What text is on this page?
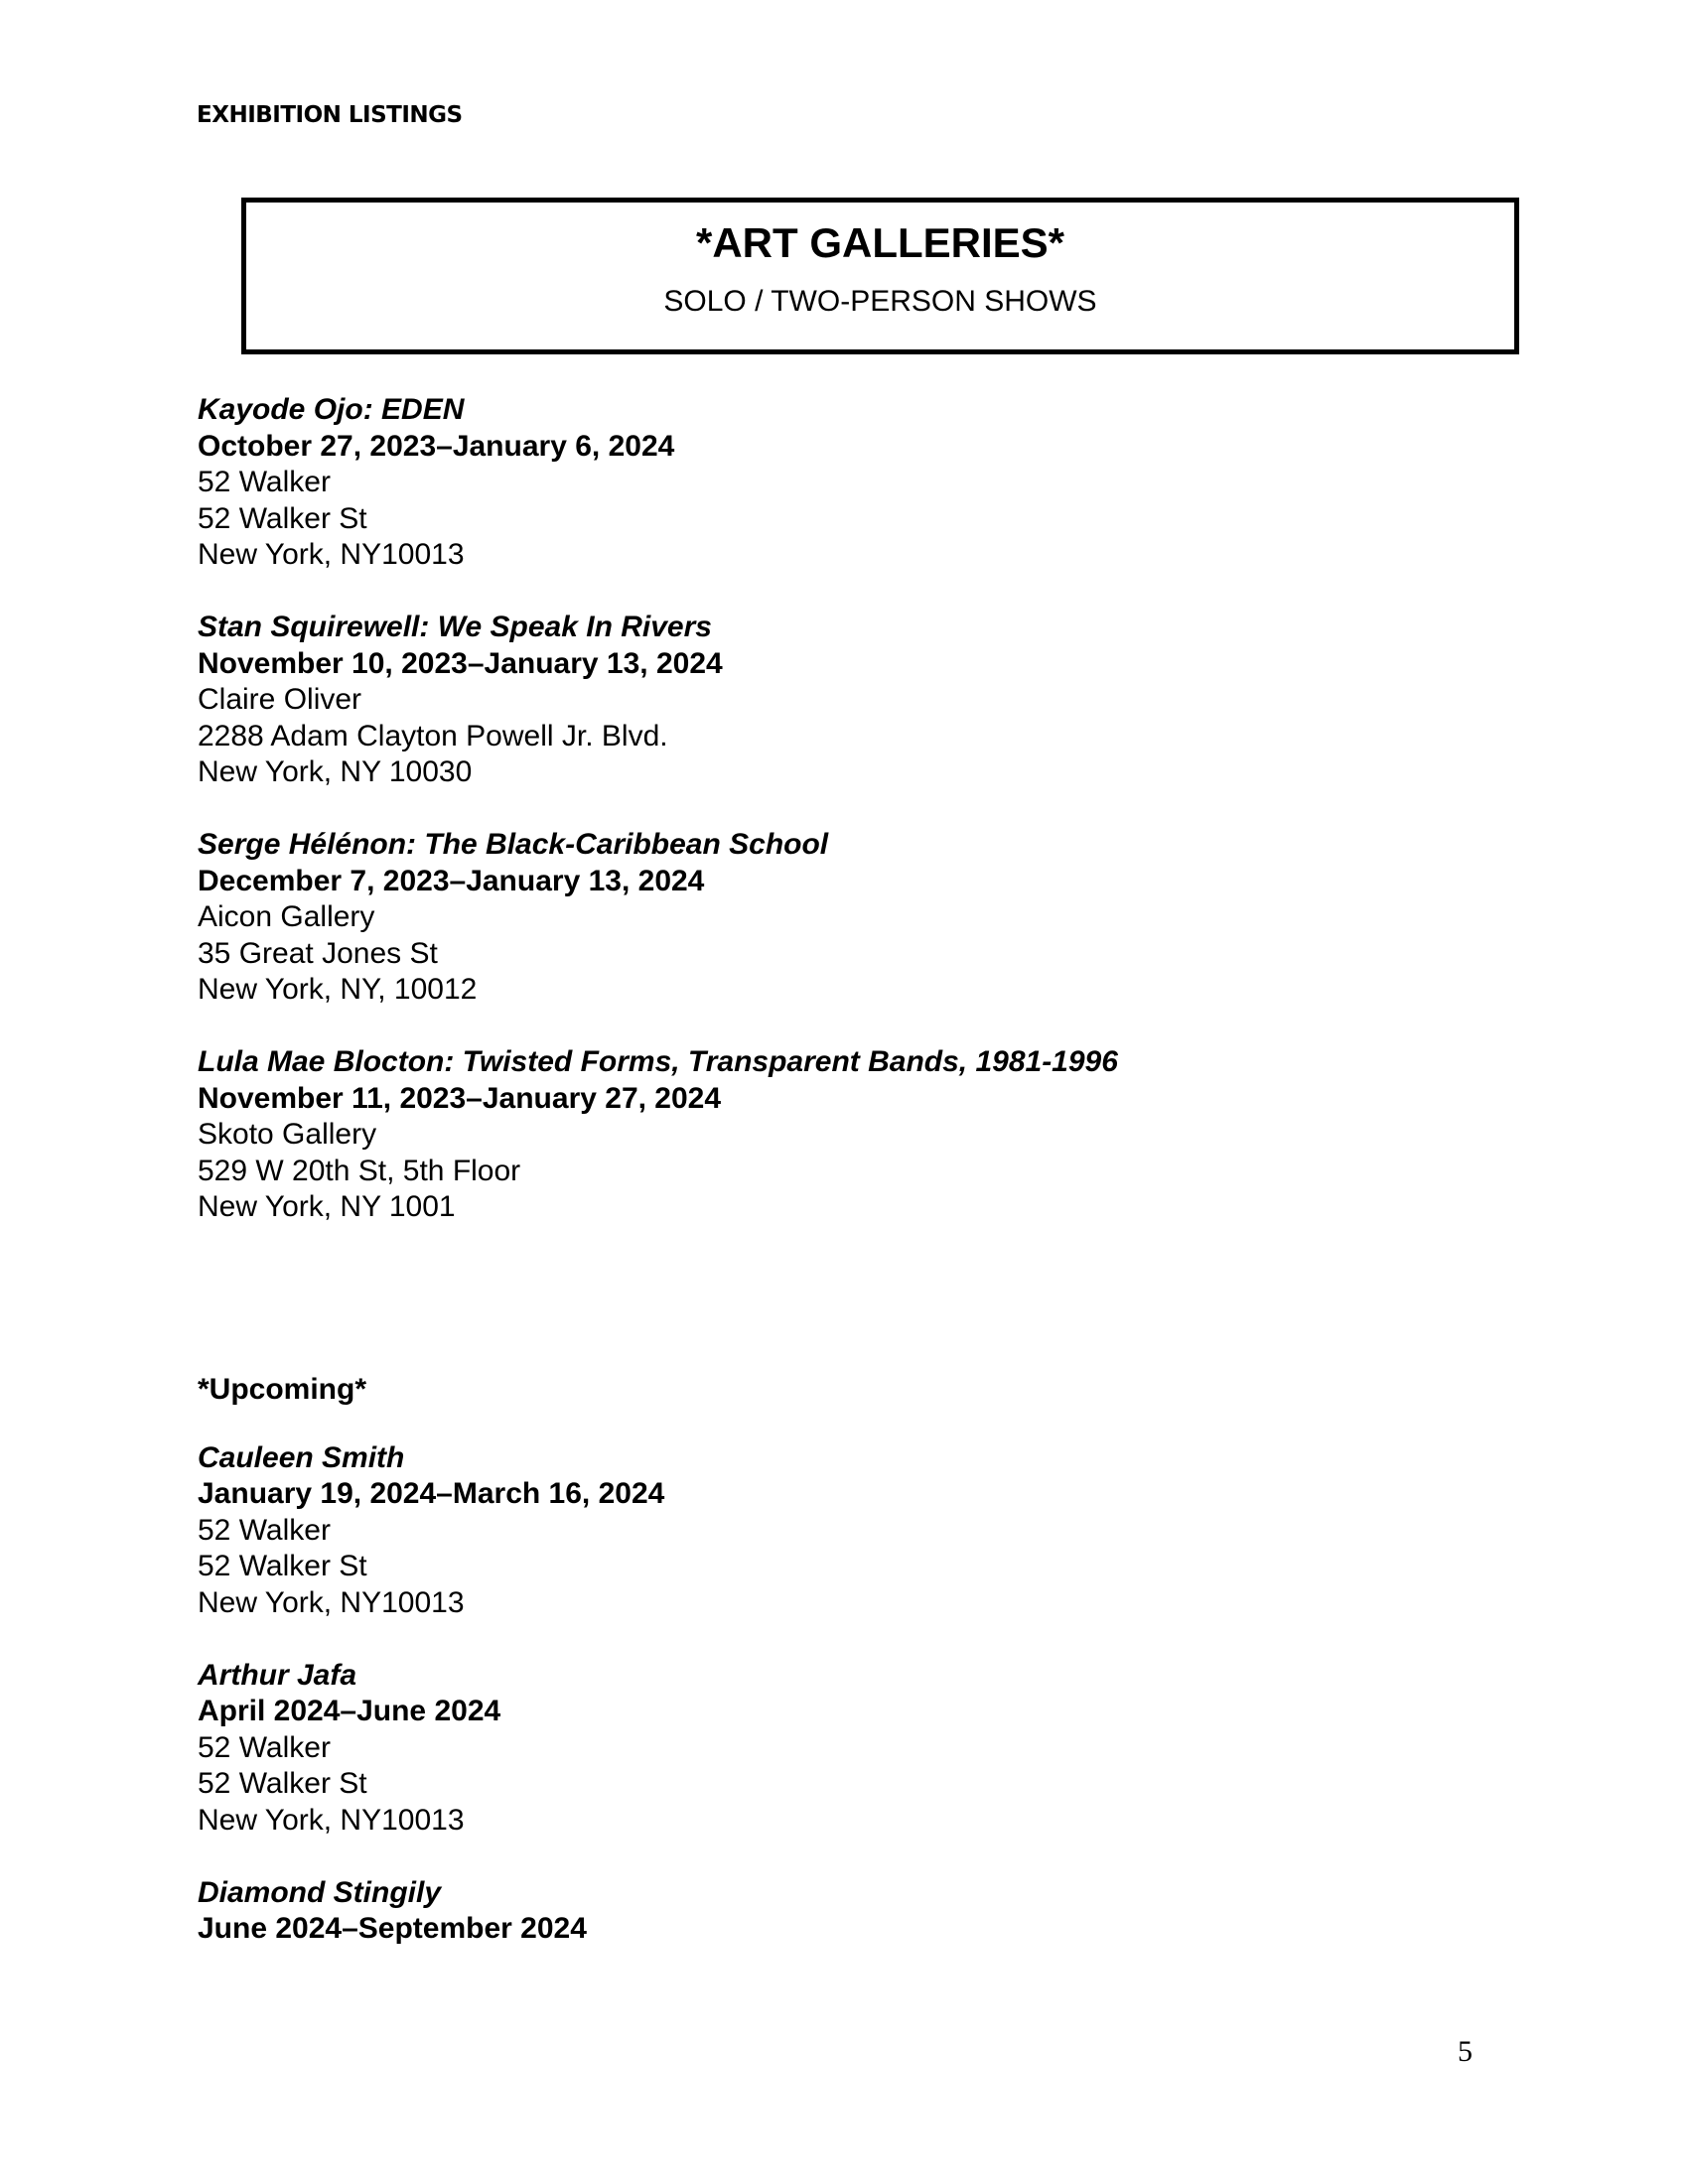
EXHIBITION LISTINGS
*ART GALLERIES*
SOLO / TWO-PERSON SHOWS
Kayode Ojo: EDEN
October 27, 2023–January 6, 2024
52 Walker
52 Walker St
New York, NY10013
Stan Squirewell: We Speak In Rivers
November 10, 2023–January 13, 2024
Claire Oliver
2288 Adam Clayton Powell Jr. Blvd.
New York, NY 10030
Serge Hélénon: The Black-Caribbean School
December 7, 2023–January 13, 2024
Aicon Gallery
35 Great Jones St
New York, NY, 10012
Lula Mae Blocton: Twisted Forms, Transparent Bands, 1981-1996
November 11, 2023–January 27, 2024
Skoto Gallery
529 W 20th St, 5th Floor
New York, NY 1001
*Upcoming*
Cauleen Smith
January 19, 2024–March 16, 2024
52 Walker
52 Walker St
New York, NY10013
Arthur Jafa
April 2024–June 2024
52 Walker
52 Walker St
New York, NY10013
Diamond Stingily
June 2024–September 2024
5
